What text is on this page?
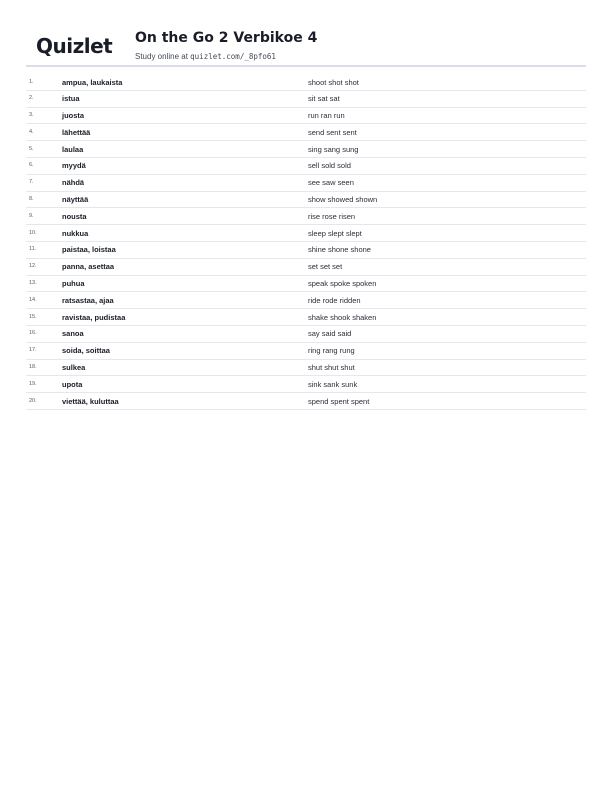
Quizlet On the Go 2 Verbikoe 4
Study online at quizlet.com/_8pfo61
1.	ampua, laukaista	shoot shot shot
2.	istua	sit sat sat
3.	juosta	run ran run
4.	lähettää	send sent sent
5.	laulaa	sing sang sung
6.	myydä	sell sold sold
7.	nähdä	see saw seen
8.	näyttää	show showed shown
9.	nousta	rise rose risen
10.	nukkua	sleep slept slept
11.	paistaa, loistaa	shine shone shone
12.	panna, asettaa	set set set
13.	puhua	speak spoke spoken
14.	ratsastaa, ajaa	ride rode ridden
15.	ravistaa, pudistaa	shake shook shaken
16.	sanoa	say said said
17.	soida, soittaa	ring rang rung
18.	sulkea	shut shut shut
19.	upota	sink sank sunk
20.	viettää, kuluttaa	spend spent spent
